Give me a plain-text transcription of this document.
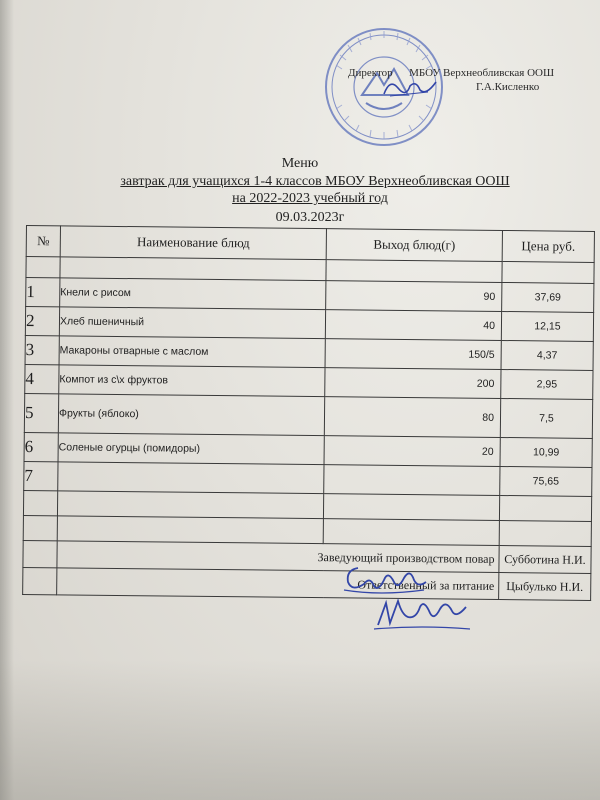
Директор МБОУ Верхнеобливская ООШ
Г.А.Кисленко
Меню
завтрак для учащихся 1-4 классов МБОУ Верхнеобливская ООШ
на 2022-2023 учебный год
09.03.2023г
№	Наименование блюд	Выход блюд(г)	Цена руб.

1	Кнели с рисом	90	37,69
2	Хлеб пшеничный	40	12,15
3	Макароны отварные с маслом	150/5	4,37
4	Компот из с\х фруктов	200	2,95
5	Фрукты (яблоко)	80	7,5
6	Соленые огурцы (помидоры)	20	10,99
7			75,65

	Заведующий производством повар		Субботина Н.И.
	Ответственный за питание		Цыбулько Н.И.
